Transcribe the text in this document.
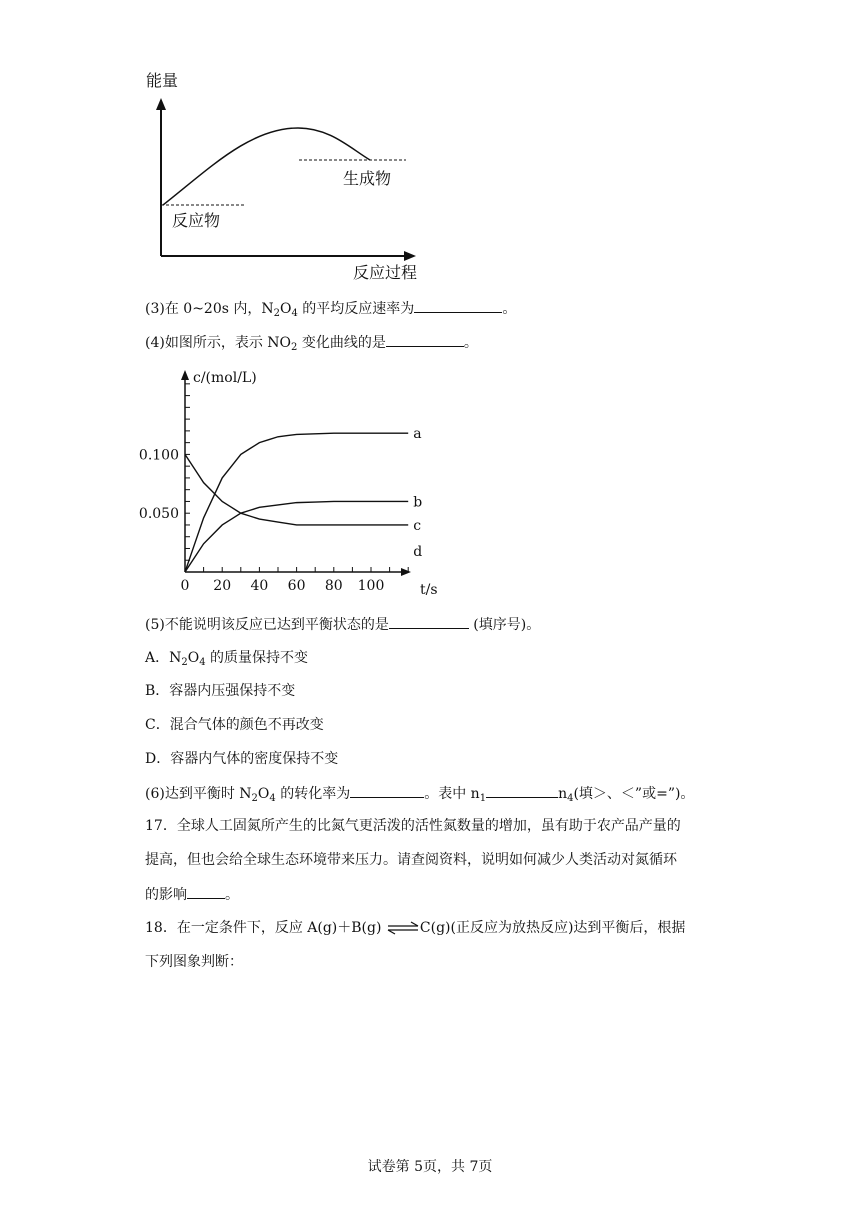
能量
反应物
生成物
反应过程
(3)在 0~20s 内，$N_2O_4$ 的平均反应速率为	。
(4)如图所示，表示 $NO_2$ 变化曲线的是	。
0 20 40 60 80 100
0.050
0.100
c/(mol/L)
t/s
a
b
c
d
(5)不能说明该反应已达到平衡状态的是	(填序号)。
A．$N_2O_4$ 的质量保持不变
B．容器内压强保持不变
C．混合气体的颜色不再改变
D．容器内气体的密度保持不变
(6)达到平衡时 $N_2O_4$ 的转化率为	。表中 $n_1$	$n_4$(填＞、＜”或=”)。
17．全球人工固氮所产生的比氮气更活泼的活性氮数量的增加，虽有助于农产品产量的
提高，但也会给全球生态环境带来压力。请查阅资料，说明如何减少人类活动对氮循环
的影响	。
18．在一定条件下，反应 A(g)＋B(g) ⇌C(g)(正反应为放热反应)达到平衡后，根据
下列图象判断：
试卷第 5页，共 7页
